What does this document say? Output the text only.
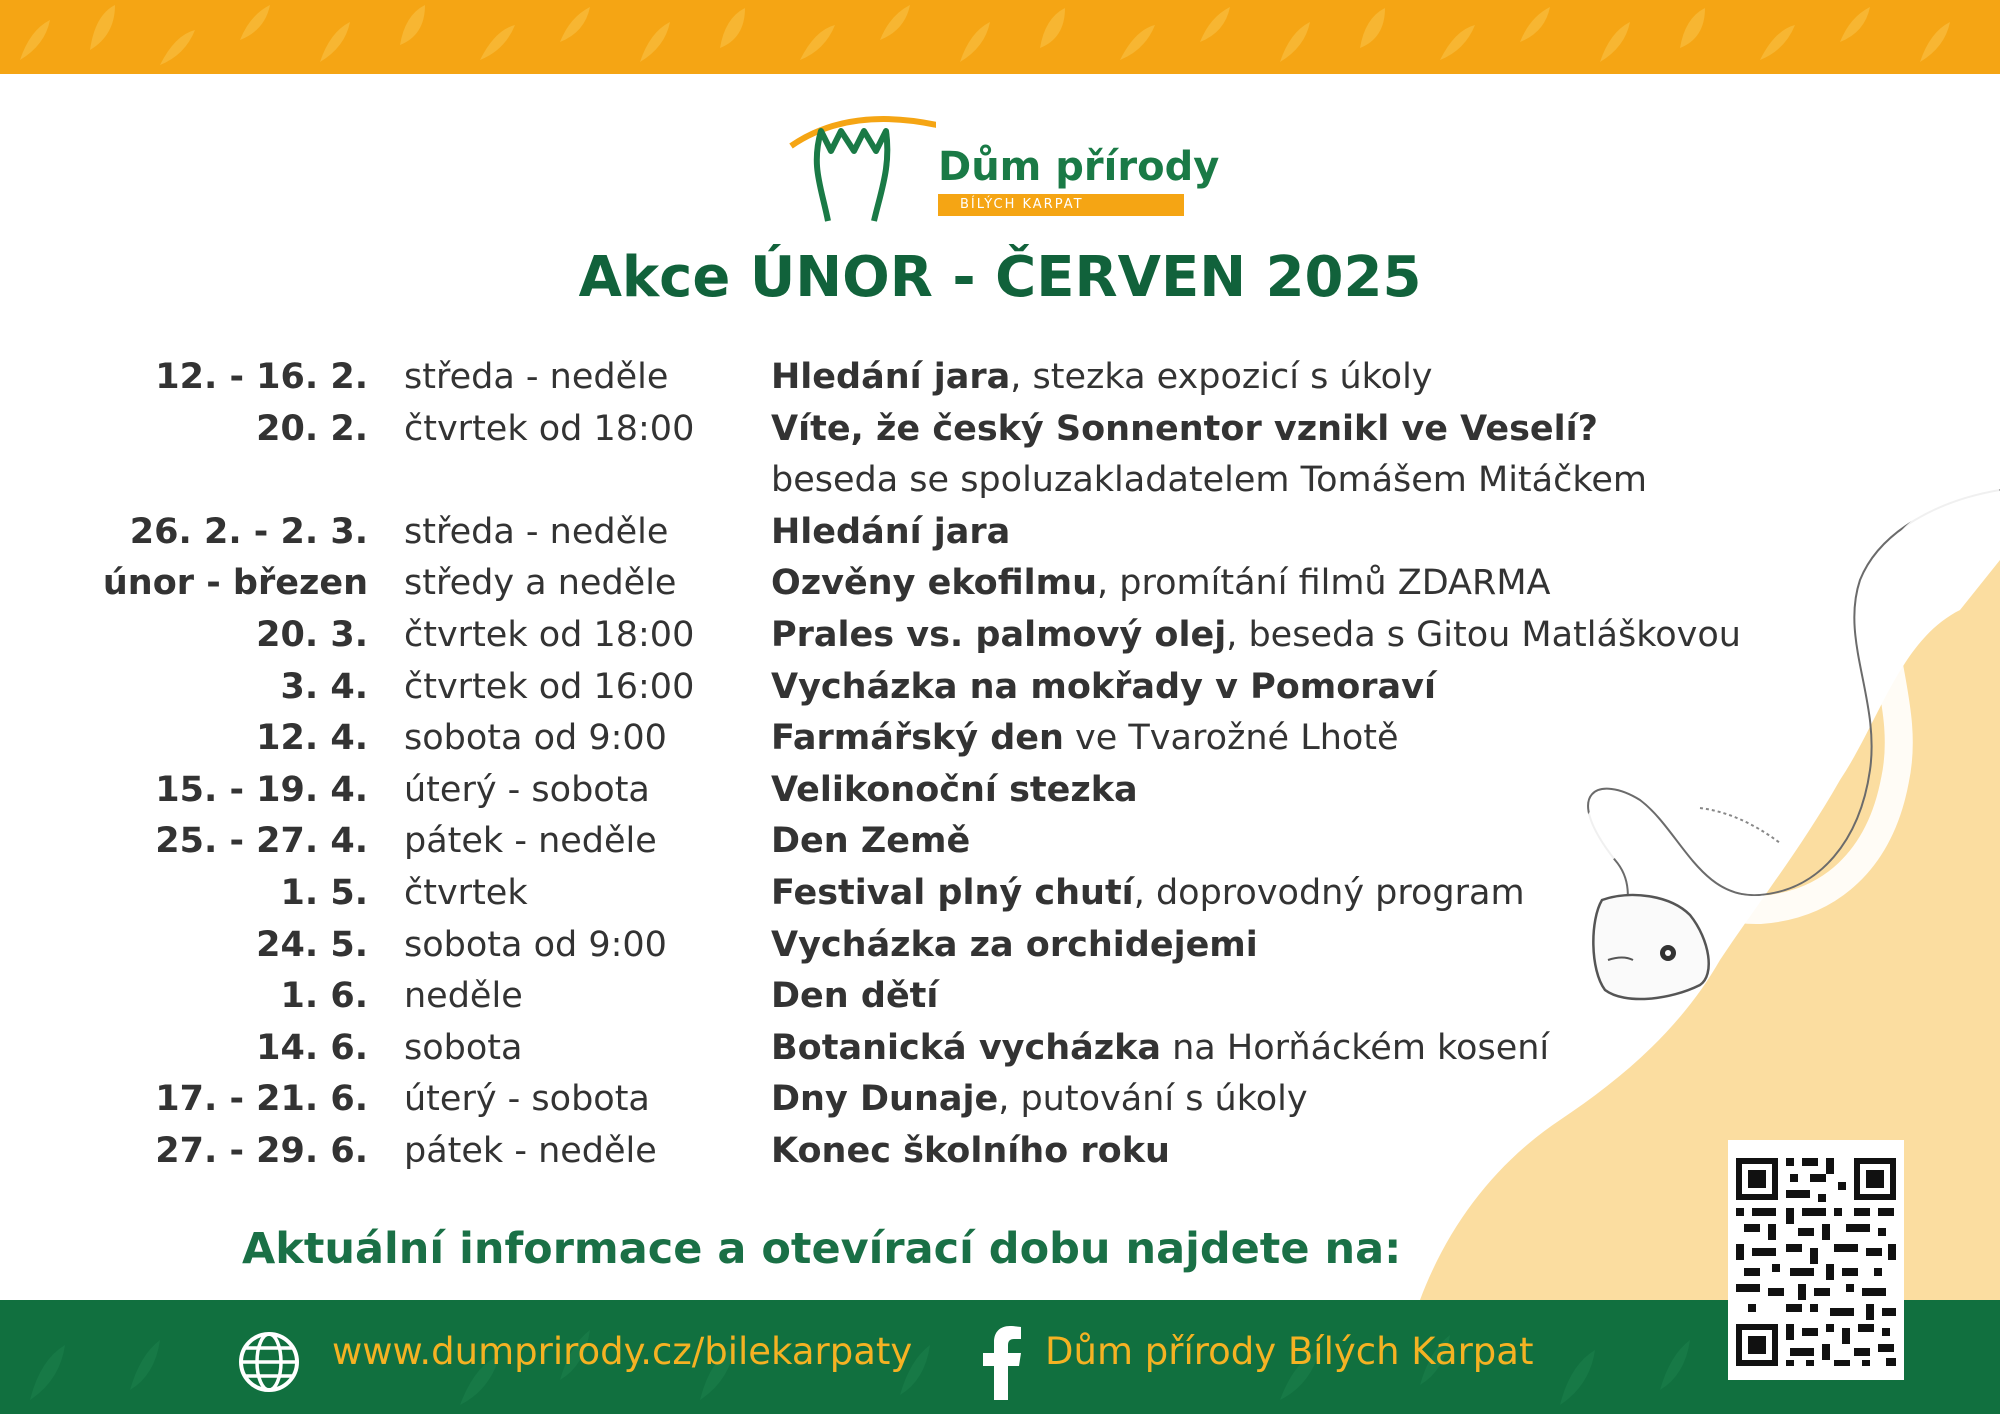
Dům přírody
BÍLÝCH KARPAT
Akce ÚNOR - ČERVEN 2025
12. - 16. 2. středa - neděle	Hledání jara, stezka expozicí s úkoly
20. 2. čtvrtek od 18:00 Víte, že český Sonnentor vznikl ve Veselí?
beseda se spoluzakladatelem Tomášem Mitáčkem
26. 2. - 2. 3. středa - neděle	Hledání jara
únor - březen středy a neděle	Ozvěny ekofilmu, promítání filmů ZDARMA
20. 3. čtvrtek od 18:00 Prales vs. palmový olej, beseda s Gitou Matláškovou
3. 4. čtvrtek od 16:00 Vycházka na mokřady v Pomoraví
12. 4. sobota od 9:00	Farmářský den ve Tvarožné Lhotě
15. - 19. 4. úterý - sobota	Velikonoční stezka
25. - 27. 4. pátek - neděle	Den Země
1. 5. čtvrtek	Festival plný chutí, doprovodný program
24. 5. sobota od 9:00	Vycházka za orchidejemi
1. 6. neděle	Den dětí
14. 6. sobota	Botanická vycházka na Horňáckém kosení
17. - 21. 6. úterý - sobota	Dny Dunaje, putování s úkoly
27. - 29. 6. pátek - neděle	Konec školního roku
Aktuální informace a otevírací dobu najdete na:
www.dumprirody.cz/bilekarpaty	Dům přírody Bílých Karpat
